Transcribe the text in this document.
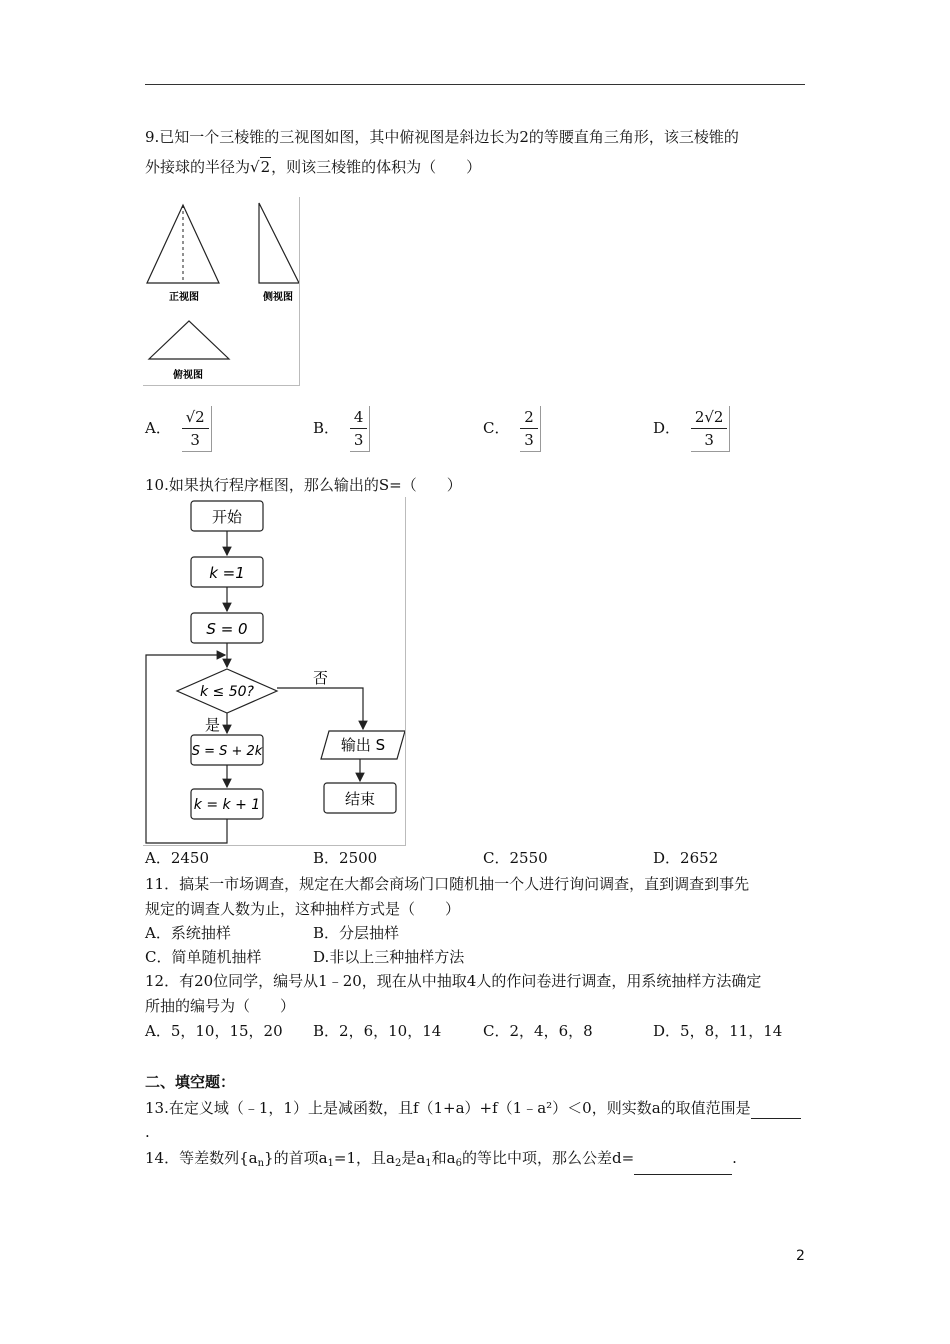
9.已知一个三棱锥的三视图如图，其中俯视图是斜边长为2的等腰直角三角形，该三棱锥的
外接球的半径为√2，则该三棱锥的体积为（　　）
正视图	侧视图
俯视图
A． $\frac{√2}{3}$	B． $\frac{4}{3}$	C． $\frac{2}{3}$	D． $\frac{2√2}{3}$
10.如果执行程序框图，那么输出的S=（　　）
开始
k =1
S = 0
k ≤ 50?
否
是
S = S + 2k
k = k + 1
输出 S
结束
A．2450	B．2500	C．2550	D．2652
11．搞某一市场调查，规定在大都会商场门口随机抽一个人进行询问调查，直到调查到事先
规定的调查人数为止，这种抽样方式是（　　）
A．系统抽样	B．分层抽样
C．简单随机抽样	D.非以上三种抽样方法
12．有20位同学，编号从1﹣20，现在从中抽取4人的作问卷进行调查，用系统抽样方法确定
所抽的编号为（　　）
A．5，10，15，20 B．2，6，10，14	C．2，4，6，8	D．5，8，11，14
二、填空题：
13.在定义域（﹣1，1）上是减函数，且f（1+a）+f（1﹣a²）＜0，则实数a的取值范围是
.
14．等差数列$\{a_n\}$的首项$a_1=1$，且$a_2$是$a_1$和$a_6$的等比中项，那么公差d=	.
2
